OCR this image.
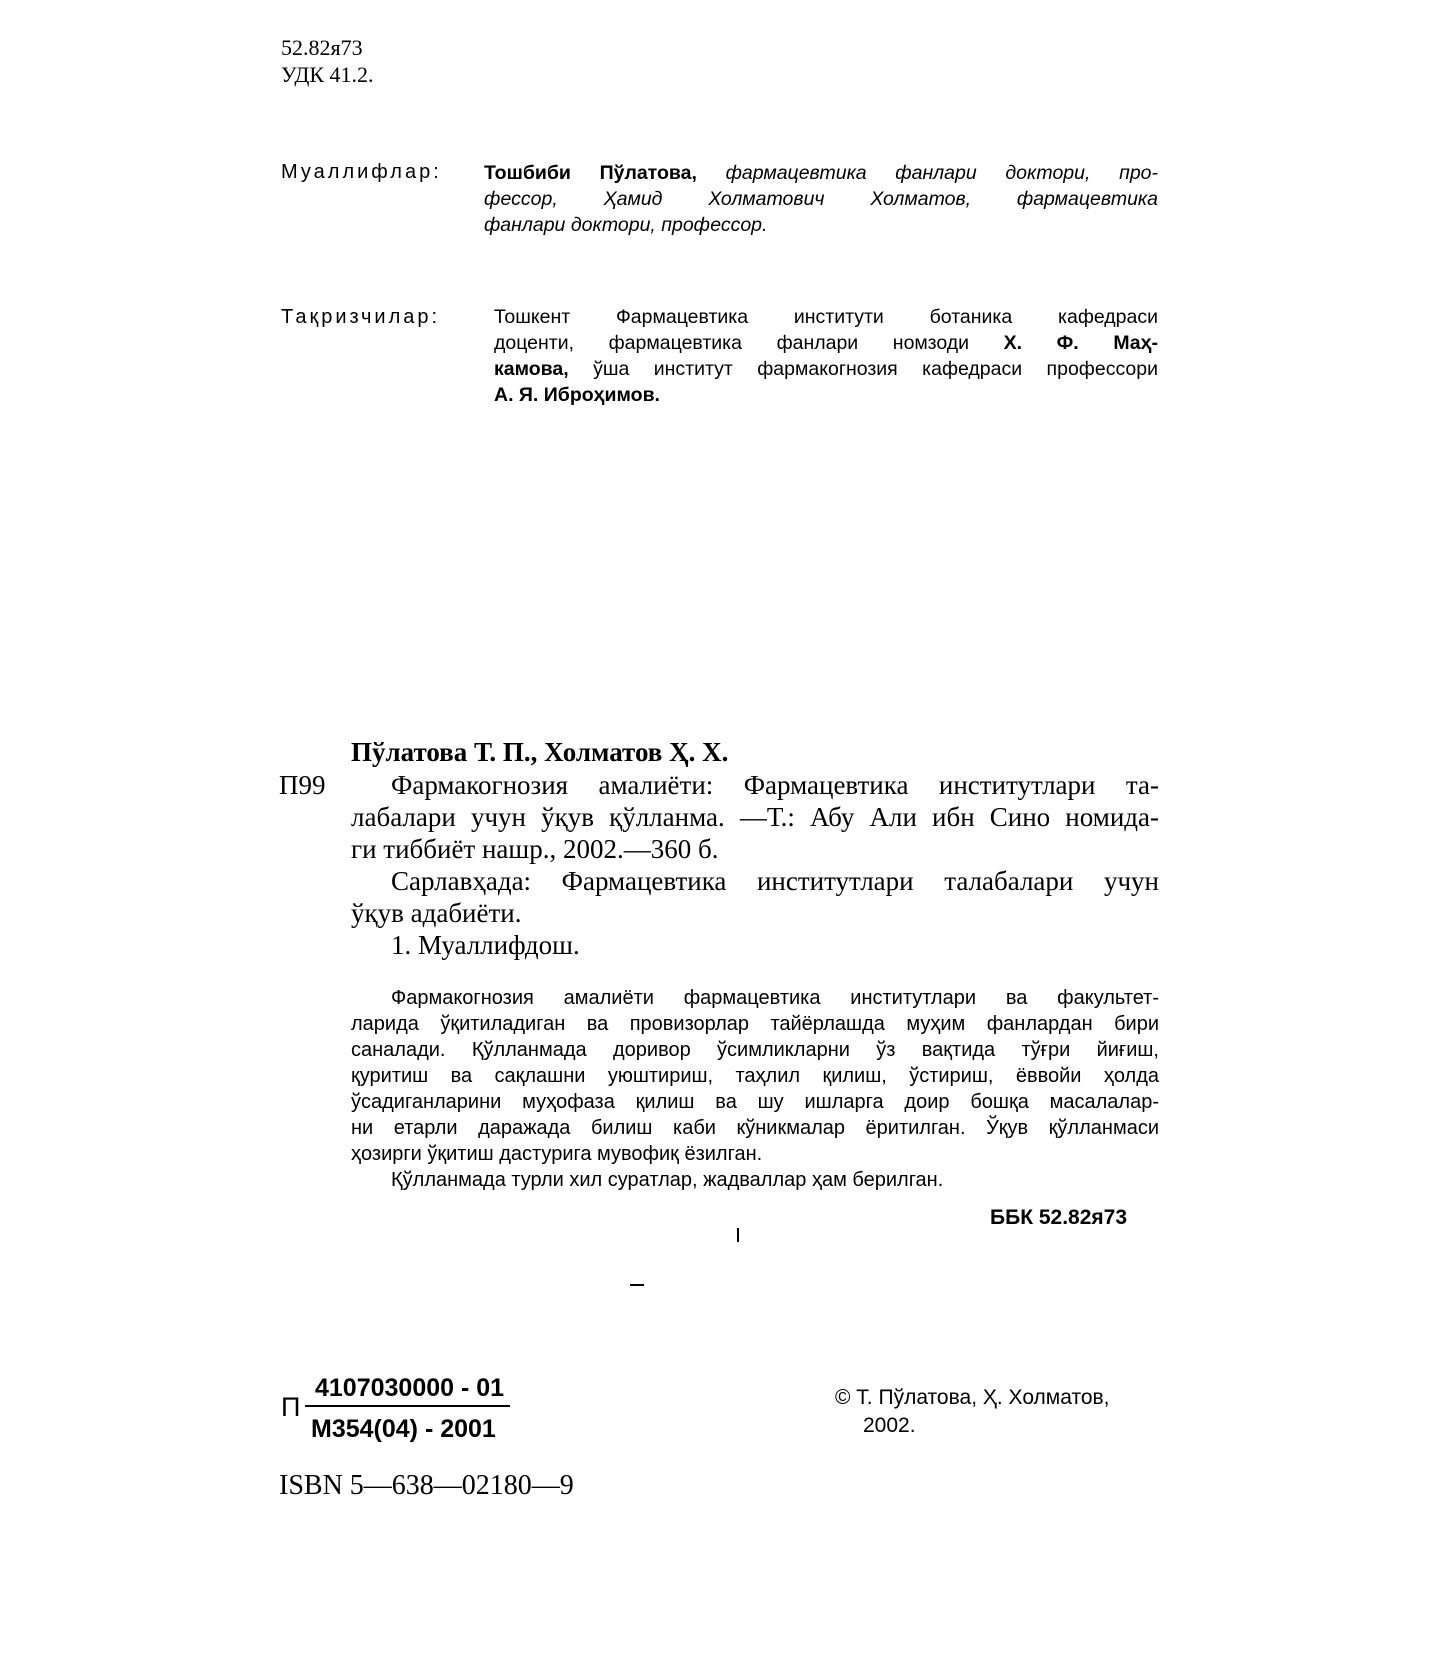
52.82я73
УДК 41.2.
Муаллифлар: Тошбиби Пўлатова, фармацевтика фанлари доктори, про-
фессор, Ҳамид Холматович Холматов, фармацевтика
фанлари доктори, профессор.
Тақризчилар:	Тошкент Фармацевтика институти ботаника кафедраси
доценти, фармацевтика фанлари номзоди Х. Ф. Маҳ-
камова, ўша институт фармакогнозия кафедраси профессори
А. Я. Иброҳимов.
Пўлатова Т. П., Холматов Ҳ. Х.
П99 Фармакогнозия амалиёти: Фармацевтика институтлари та-
лабалари учун ўқув қўлланма. —Т.: Абу Али ибн Сино номида-
ги тиббиёт нашр., 2002.—360 б.
Сарлавҳада: Фармацевтика институтлари талабалари учун
ўқув адабиёти.
1. Муаллифдош.
Фармакогнозия амалиёти фармацевтика институтлари ва факультет-
ларида ўқитиладиган ва провизорлар тайёрлашда муҳим фанлардан бири
саналади. Қўлланмада доривор ўсимликларни ўз вақтида тўғри йиғиш,
қуритиш ва сақлашни уюштириш, таҳлил қилиш, ўстириш, ёввойи ҳолда
ўсадиганларини муҳофаза қилиш ва шу ишларга доир бошқа масалалар-
ни етарли даражада билиш каби кўникмалар ёритилган. Ўқув қўлланмаси
ҳозирги ўқитиш дастурига мувофиқ ёзилган.
Қўлланмада турли хил суратлар, жадваллар ҳам берилган.
ББК 52.82я73
П
4107030000 - 01
М354(04) - 2001
ISBN 5—638—02180—9
© Т. Пўлатова, Ҳ. Холматов,
2002.
